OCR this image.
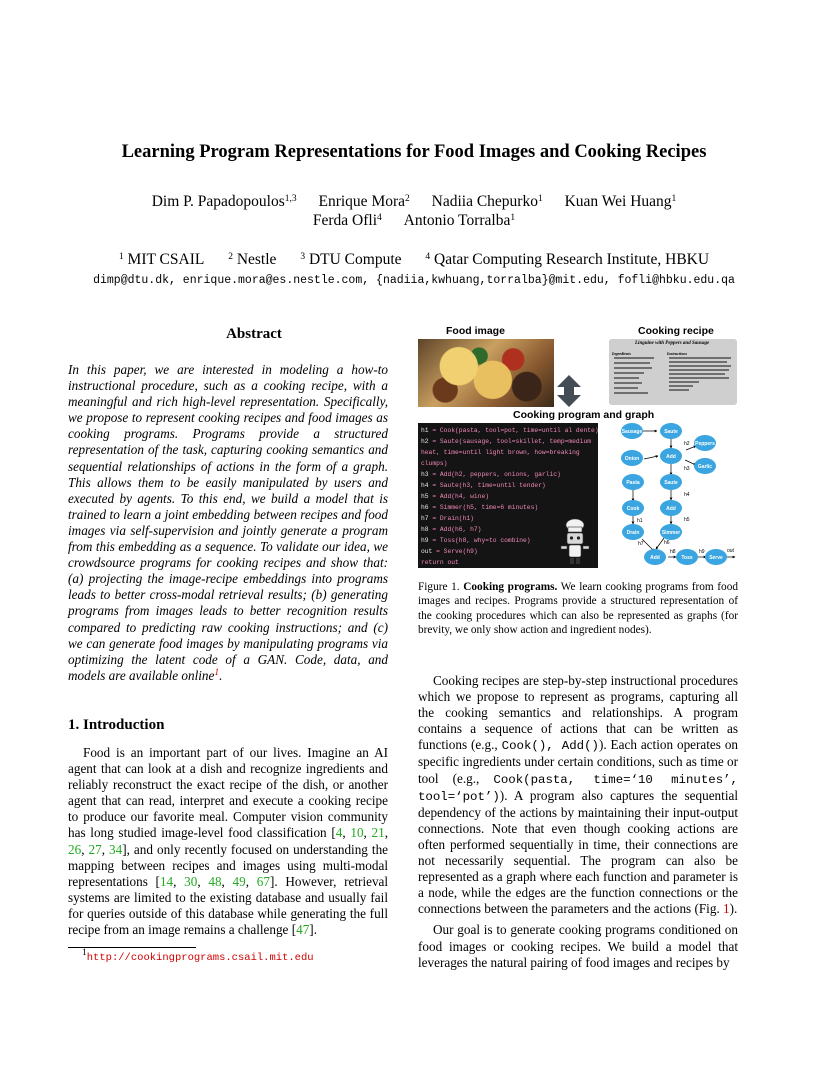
Learning Program Representations for Food Images and Cooking Recipes
Dim P. Papadopoulos$^{1,3}$ Enrique Mora$^2$ Nadiia Chepurko$^1$ Kuan Wei Huang$^1$
Ferda Ofli$^4$ Antonio Torralba$^1$
$^1$ MIT CSAIL	$^2$ Nestle	$^3$ DTU Compute	$^4$ Qatar Computing Research Institute, HBKU
dimp@dtu.dk, enrique.mora@es.nestle.com, {nadiia,kwhuang,torralba}@mit.edu, fofli@hbku.edu.qa
Abstract
In this paper, we are interested in modeling a how-to instructional procedure, such as a cooking recipe, with a meaningful and rich high-level representation. Specifically, we propose to represent cooking recipes and food images as cooking programs. Programs provide a structured representation of the task, capturing cooking semantics and sequential relationships of actions in the form of a graph. This allows them to be easily manipulated by users and executed by agents. To this end, we build a model that is trained to learn a joint embedding between recipes and food images via self-supervision and jointly generate a program from this embedding as a sequence. To validate our idea, we crowdsource programs for cooking recipes and show that: (a) projecting the image-recipe embeddings into programs leads to better cross-modal retrieval results; (b) generating programs from images leads to better recognition results compared to predicting raw cooking instructions; and (c) we can generate food images by manipulating programs via optimizing the latent code of a GAN. Code, data, and models are available online$^1$.
1. Introduction
Food is an important part of our lives. Imagine an AI agent that can look at a dish and recognize ingredients and reliably reconstruct the exact recipe of the dish, or another agent that can read, interpret and execute a cooking recipe to produce our favorite meal. Computer vision community has long studied image-level food classification [4, 10, 21, 26, 27, 34], and only recently focused on understanding the mapping between recipes and images using multi-modal representations [14, 30, 48, 49, 67]. However, retrieval systems are limited to the existing database and usually fail for queries outside of this database while generating the full recipe from an image remains a challenge [47].
$^1$http://cookingprograms.csail.mit.edu
Food image	Cooking recipe
Linguine with Peppers and Sausage
Ingredients	Instructions
Cooking program and graph
h1 = Cook(pasta, tool=pot, time=until al dente)
h2 = Saute(sausage, tool=skillet, temp=medium
heat, time=until light brown, how=breaking
clumps)
h3 = Add(h2, peppers, onions, garlic)
h4 = Saute(h3, time=until tender)
h5 = Add(h4, wine)
h6 = Simmer(h5, time=6 minutes)
h7 = Drain(h1)
h8 = Add(h6, h7)
h9 = Toss(h8, why=to combine)
out = Serve(h9)
return out
Sausage	Saute
Peppers
Onion	Add
Garlic
Pasta	Saute
Cook	Add
Drain	Simmer
Add	Toss	Serve
h2
h3
h4
h5
h1
h7	h6
h8	h9	out
Figure 1. Cooking programs. We learn cooking programs from food images and recipes. Programs provide a structured representation of the cooking procedures which can also be represented as graphs (for brevity, we only show action and ingredient nodes).
Cooking recipes are step-by-step instructional procedures which we propose to represent as programs, capturing all the cooking semantics and relationships. A program contains a sequence of actions that can be written as functions (e.g., Cook(), Add()). Each action operates on specific ingredients under certain conditions, such as time or tool (e.g., Cook(pasta, time=‘10 minutes’, tool=‘pot’)). A program also captures the sequential dependency of the actions by maintaining their input-output connections. Note that even though cooking actions are often performed sequentially in time, their connections are not necessarily sequential. The program can also be represented as a graph where each function and parameter is a node, while the edges are the function connections or the connections between the parameters and the actions (Fig. 1).
Our goal is to generate cooking programs conditioned on food images or cooking recipes. We build a model that leverages the natural pairing of food images and recipes by
